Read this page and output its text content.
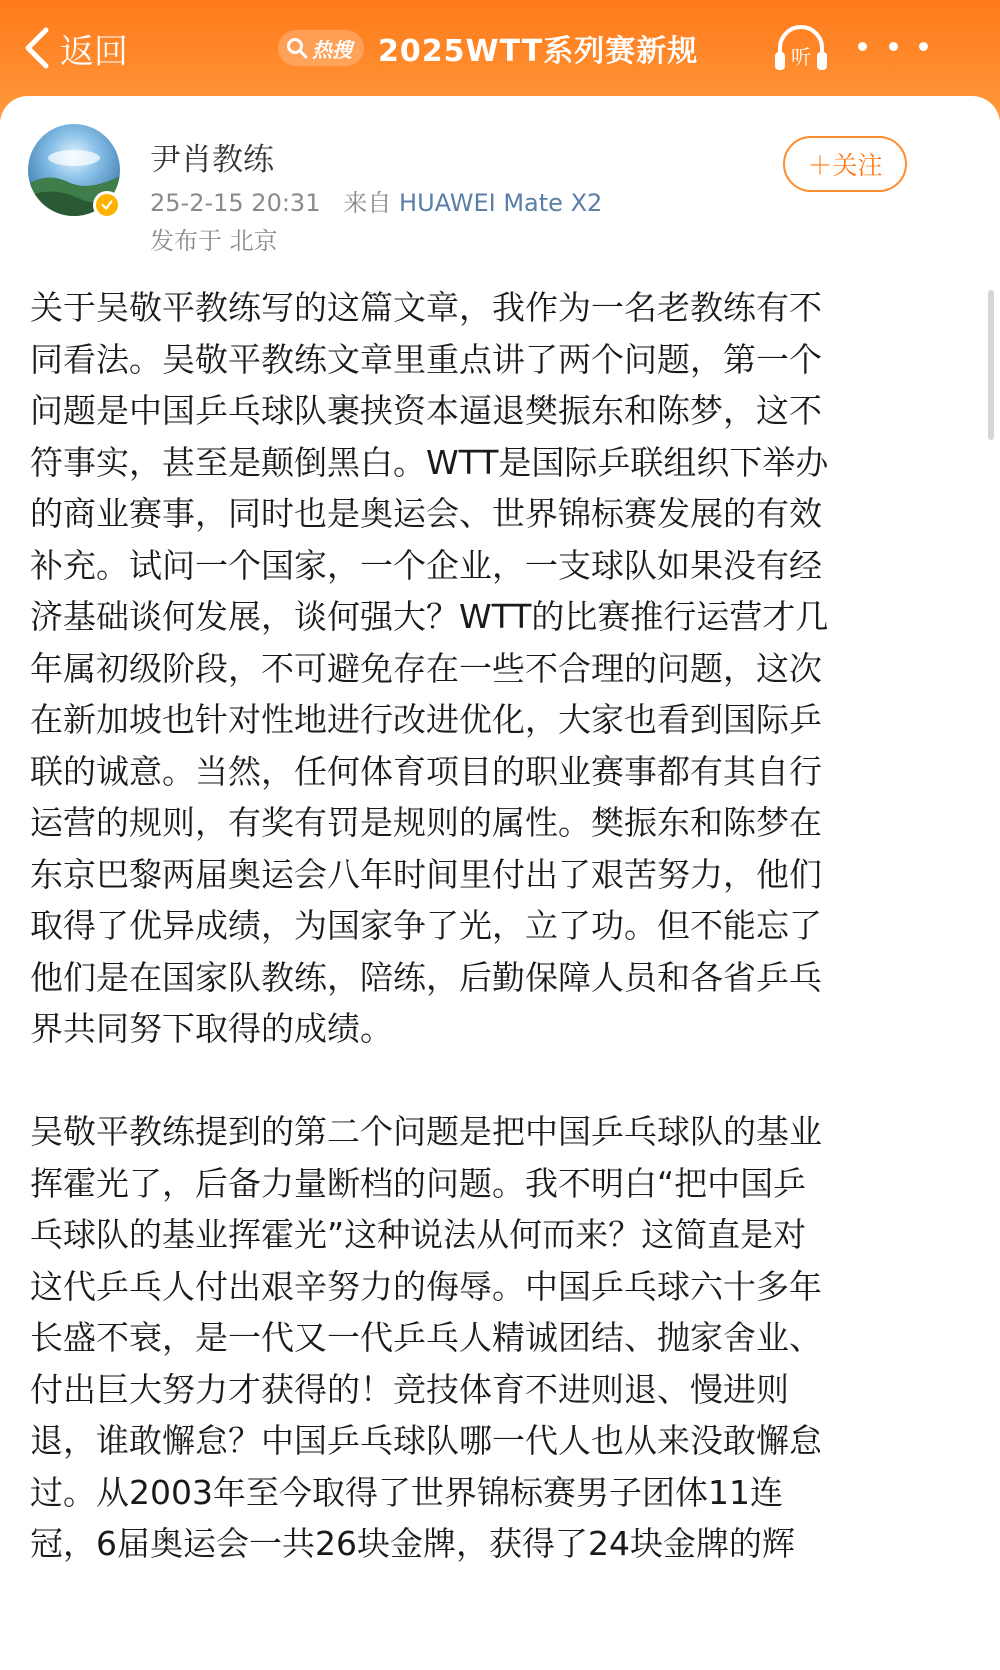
返回	热搜 2025WTT系列赛新规	听
尹肖教练
25-2-15 20:31 来自 HUAWEI Mate X2
发布于 北京
＋关注

关于吴敬平教练写的这篇文章，我作为一名老教练有不

同看法。吴敬平教练文章里重点讲了两个问题，第一个

问题是中国乒乓球队裹挟资本逼退樊振东和陈梦，这不

符事实，甚至是颠倒黑白。WTT是国际乒联组织下举办

的商业赛事，同时也是奥运会、世界锦标赛发展的有效

补充。试问一个国家，一个企业，一支球队如果没有经

济基础谈何发展，谈何强大？WTT的比赛推行运营才几

年属初级阶段，不可避免存在一些不合理的问题，这次

在新加坡也针对性地进行改进优化，大家也看到国际乒

联的诚意。当然，任何体育项目的职业赛事都有其自行

运营的规则，有奖有罚是规则的属性。樊振东和陈梦在

东京巴黎两届奥运会八年时间里付出了艰苦努力，他们

取得了优异成绩，为国家争了光，立了功。但不能忘了

他们是在国家队教练，陪练，后勤保障人员和各省乒乓

界共同努下取得的成绩。

吴敬平教练提到的第二个问题是把中国乒乓球队的基业

挥霍光了，后备力量断档的问题。我不明白“把中国乒

乓球队的基业挥霍光”这种说法从何而来？这简直是对

这代乒乓人付出艰辛努力的侮辱。中国乒乓球六十多年

长盛不衰，是一代又一代乒乓人精诚团结、抛家舍业、

付出巨大努力才获得的！竞技体育不进则退、慢进则

退，谁敢懈怠？中国乒乓球队哪一代人也从来没敢懈怠

过。从2003年至今取得了世界锦标赛男子团体11连

冠，6届奥运会一共26块金牌，获得了24块金牌的辉
